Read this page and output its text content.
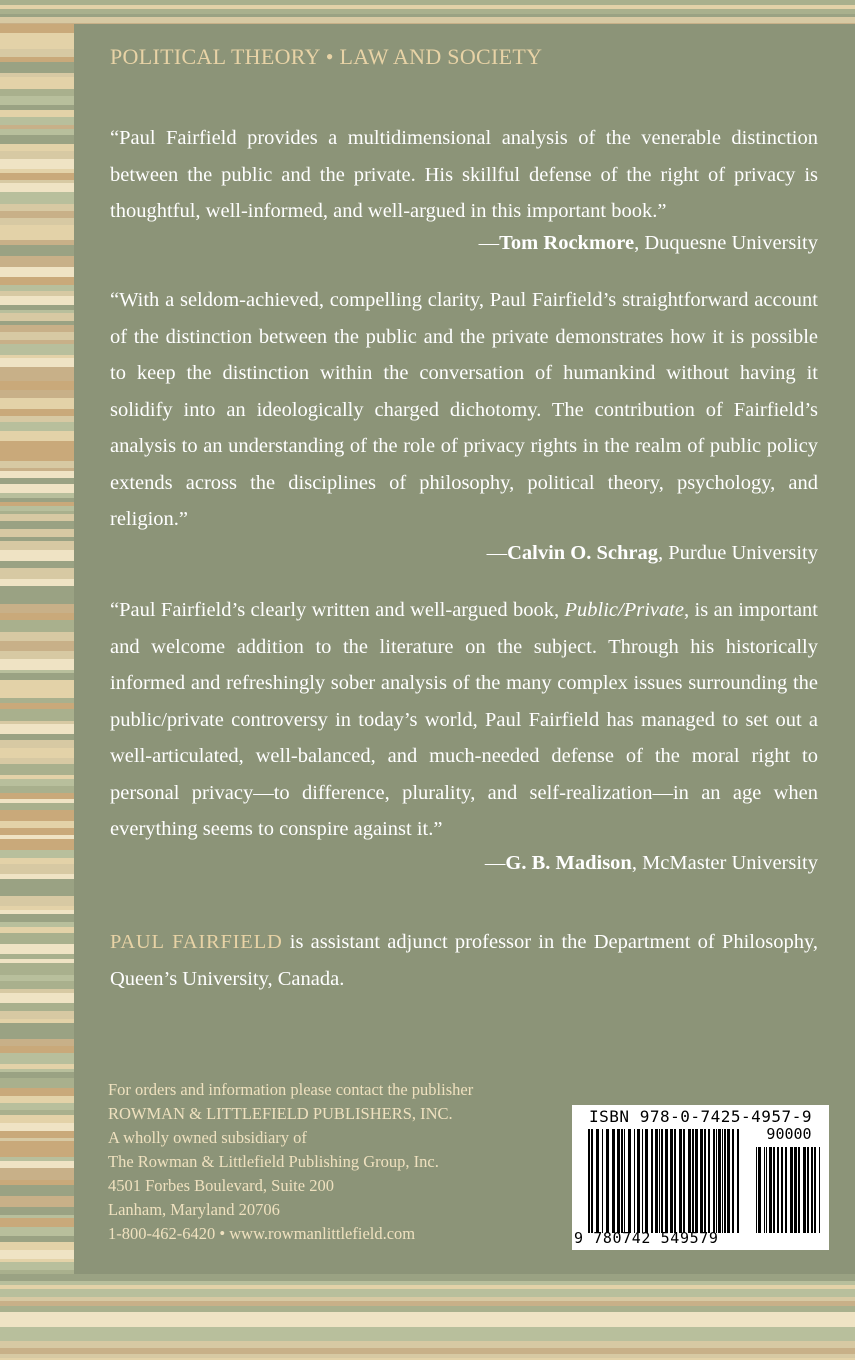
POLITICAL THEORY • LAW AND SOCIETY
“Paul Fairfield provides a multidimensional analysis of the venerable distinction between the public and the private. His skillful defense of the right of privacy is thoughtful, well-informed, and well-argued in this important book.”
—Tom Rockmore, Duquesne University
“With a seldom-achieved, compelling clarity, Paul Fairfield’s straightforward account of the distinction between the public and the private demonstrates how it is possible to keep the distinction within the conversation of humankind without having it solidify into an ideologically charged dichotomy. The contribution of Fairfield’s analysis to an understanding of the role of privacy rights in the realm of public policy extends across the disciplines of philosophy, political theory, psychology, and religion.”
—Calvin O. Schrag, Purdue University
“Paul Fairfield’s clearly written and well-argued book, Public/Private, is an important and welcome addition to the literature on the subject. Through his historically informed and refreshingly sober analysis of the many complex issues surrounding the public/private controversy in today’s world, Paul Fairfield has managed to set out a well-articulated, well-balanced, and much-needed defense of the moral right to personal privacy—to difference, plurality, and self-realization—in an age when everything seems to conspire against it.”
—G. B. Madison, McMaster University
PAUL FAIRFIELD is assistant adjunct professor in the Department of Philosophy, Queen’s University, Canada.
For orders and information please contact the publisher
ROWMAN & LITTLEFIELD PUBLISHERS, INC.
A wholly owned subsidiary of
The Rowman & Littlefield Publishing Group, Inc.
4501 Forbes Boulevard, Suite 200
Lanham, Maryland 20706
1-800-462-6420 • www.rowmanlittlefield.com
ISBN 978-0-7425-4957-9
90000
9 780742 549579
